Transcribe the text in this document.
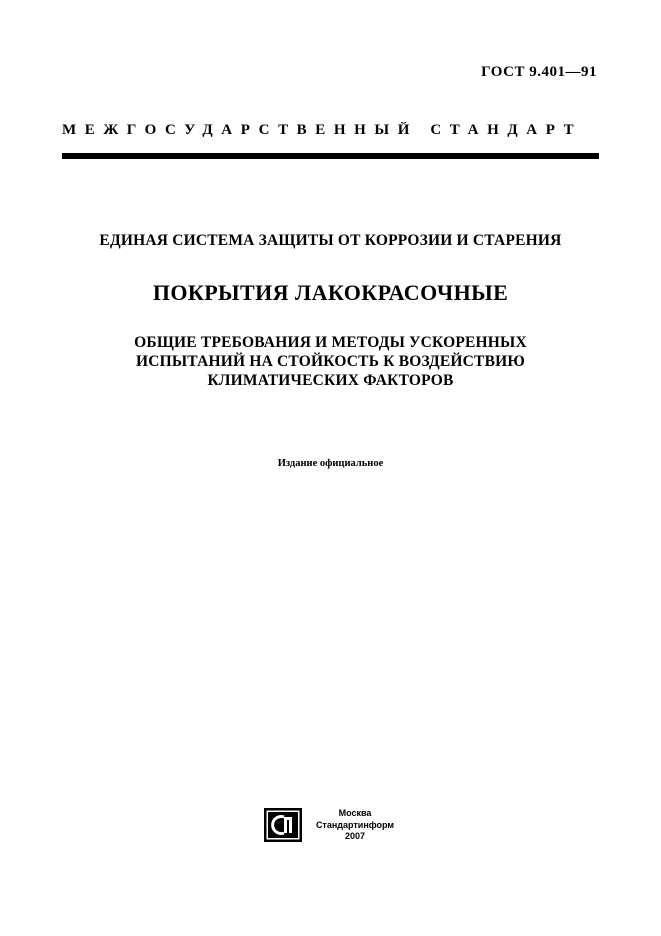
ГОСТ 9.401—91
МЕЖГОСУДАРСТВЕННЫЙ СТАНДАРТ
ЕДИНАЯ СИСТЕМА ЗАЩИТЫ ОТ КОРРОЗИИ И СТАРЕНИЯ
ПОКРЫТИЯ ЛАКОКРАСОЧНЫЕ
ОБЩИЕ ТРЕБОВАНИЯ И МЕТОДЫ УСКОРЕННЫХ
ИСПЫТАНИЙ НА СТОЙКОСТЬ К ВОЗДЕЙСТВИЮ
КЛИМАТИЧЕСКИХ ФАКТОРОВ
Издание официальное
Москва
Стандартинформ
2007
